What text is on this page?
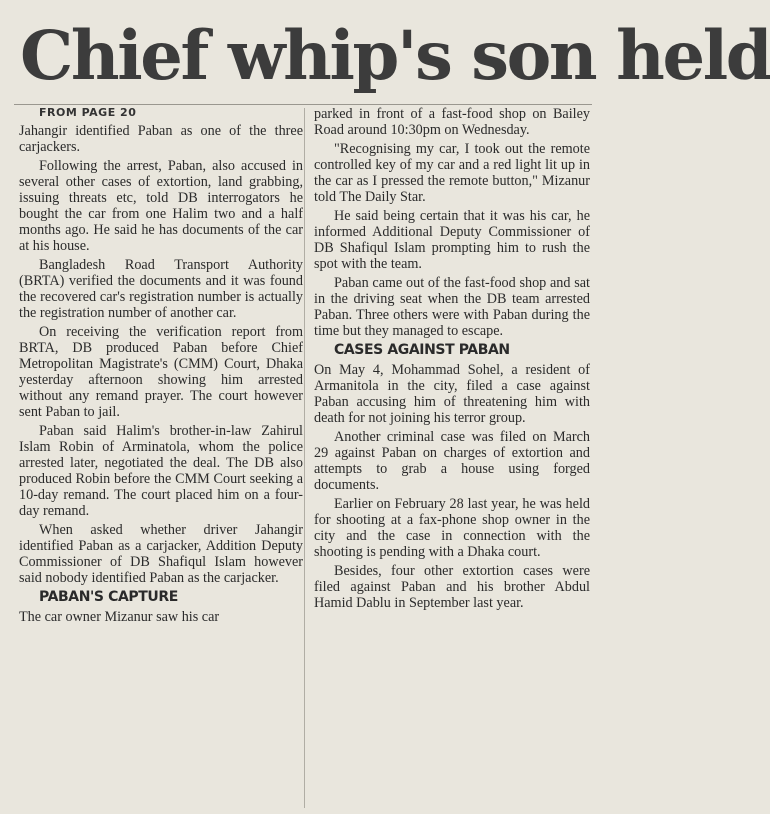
Chief whip's son held

FROM PAGE 20

Jahangir identified Paban as one of the three carjackers.

Following the arrest, Paban, also accused in several other cases of extortion, land grabbing, issuing threats etc, told DB interrogators he bought the car from one Halim two and a half months ago. He said he has documents of the car at his house.

Bangladesh Road Transport Authority (BRTA) verified the documents and it was found the recovered car's registration number is actually the registration number of another car.

On receiving the verification report from BRTA, DB produced Paban before Chief Metropolitan Magistrate's (CMM) Court, Dhaka yesterday afternoon showing him arrested without any remand prayer. The court however sent Paban to jail.

Paban said Halim's brother-in-law Zahirul Islam Robin of Arminatola, whom the police arrested later, negotiated the deal. The DB also produced Robin before the CMM Court seeking a 10-day remand. The court placed him on a four-day remand.

When asked whether driver Jahangir identified Paban as a carjacker, Addition Deputy Commissioner of DB Shafiqul Islam however said nobody identified Paban as the carjacker.

PABAN'S CAPTURE

The car owner Mizanur saw his car

parked in front of a fast-food shop on Bailey Road around 10:30pm on Wednesday.

"Recognising my car, I took out the remote controlled key of my car and a red light lit up in the car as I pressed the remote button," Mizanur told The Daily Star.

He said being certain that it was his car, he informed Additional Deputy Commissioner of DB Shafiqul Islam prompting him to rush the spot with the team.

Paban came out of the fast-food shop and sat in the driving seat when the DB team arrested Paban. Three others were with Paban during the time but they managed to escape.

CASES AGAINST PABAN

On May 4, Mohammad Sohel, a resident of Armanitola in the city, filed a case against Paban accusing him of threatening him with death for not joining his terror group.

Another criminal case was filed on March 29 against Paban on charges of extortion and attempts to grab a house using forged documents.

Earlier on February 28 last year, he was held for shooting at a fax-phone shop owner in the city and the case in connection with the shooting is pending with a Dhaka court.

Besides, four other extortion cases were filed against Paban and his brother Abdul Hamid Dablu in September last year.
